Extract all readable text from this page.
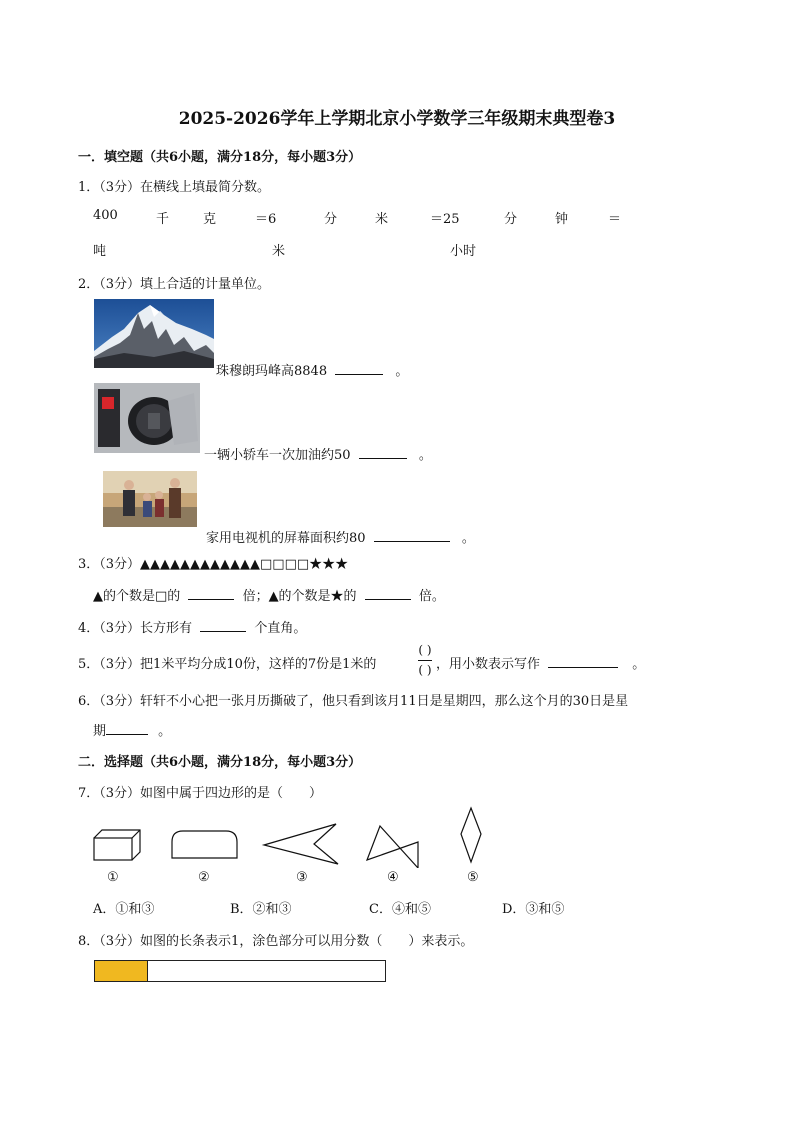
2025-2026学年上学期北京小学数学三年级期末典型卷3
一．填空题（共6小题，满分18分，每小题3分）
1．（3分）在横线上填最简分数。
400	千	克	＝6	分	米	＝25	分	钟	＝
吨	米	小时
2．（3分）填上合适的计量单位。
珠穆朗玛峰高8848	。
一辆小轿车一次加油约50	。
家用电视机的屏幕面积约80	。
3．（3分）▲▲▲▲▲▲▲▲▲▲▲▲□□□□★★★
▲的个数是□的	倍；▲的个数是★的	倍。
4．（3分）长方形有	个直角。
5．（3分）把1米平均分成10份，这样的7份是1米的
( )
( ) ，用小数表示写作	。
6．（3分）轩轩不小心把一张月历撕破了，他只看到该月11日是星期四，那么这个月的30日是星
期	。
二．选择题（共6小题，满分18分，每小题3分）
7．（3分）如图中属于四边形的是（　　）
①	②	③	④	⑤
A．①和③	B．②和③	C．④和⑤	D．③和⑤
8．（3分）如图的长条表示1，涂色部分可以用分数（　　）来表示。
